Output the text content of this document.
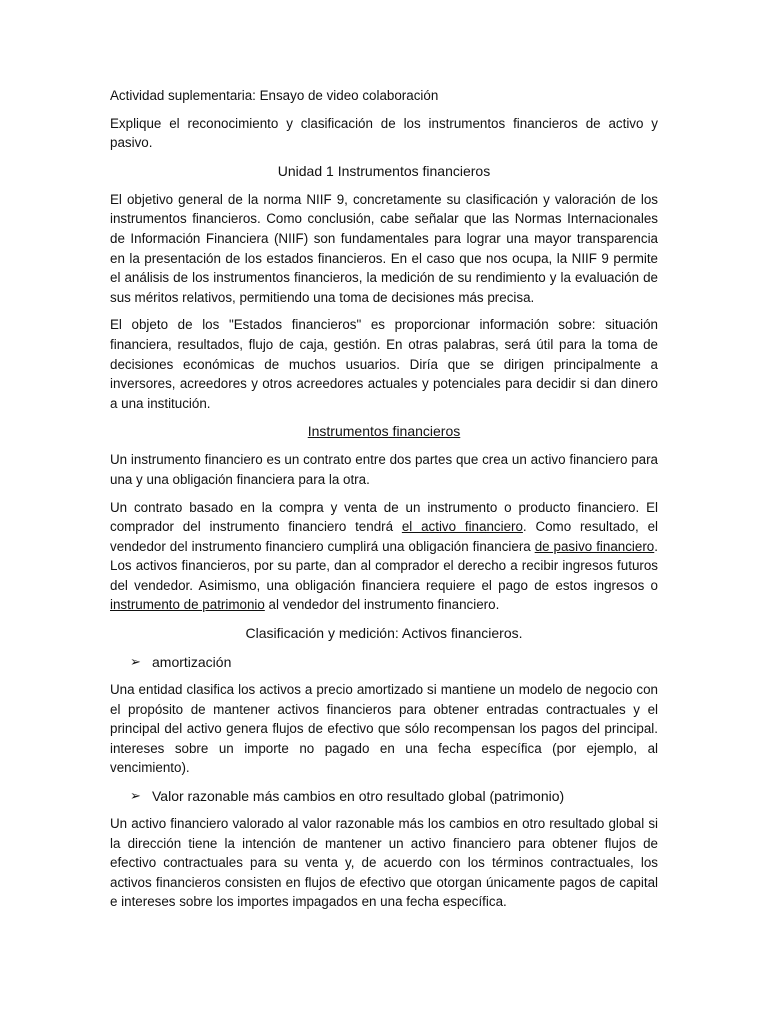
Actividad suplementaria: Ensayo de video colaboración

Explique el reconocimiento y clasificación de los instrumentos financieros de activo y pasivo.

Unidad 1 Instrumentos financieros

El objetivo general de la norma NIIF 9, concretamente su clasificación y valoración de los instrumentos financieros. Como conclusión, cabe señalar que las Normas Internacionales de Información Financiera (NIIF) son fundamentales para lograr una mayor transparencia en la presentación de los estados financieros. En el caso que nos ocupa, la NIIF 9 permite el análisis de los instrumentos financieros, la medición de su rendimiento y la evaluación de sus méritos relativos, permitiendo una toma de decisiones más precisa.

El objeto de los "Estados financieros" es proporcionar información sobre: situación financiera, resultados, flujo de caja, gestión. En otras palabras, será útil para la toma de decisiones económicas de muchos usuarios. Diría que se dirigen principalmente a inversores, acreedores y otros acreedores actuales y potenciales para decidir si dan dinero a una institución.

Instrumentos financieros

Un instrumento financiero es un contrato entre dos partes que crea un activo financiero para una y una obligación financiera para la otra.

Un contrato basado en la compra y venta de un instrumento o producto financiero. El comprador del instrumento financiero tendrá el activo financiero. Como resultado, el vendedor del instrumento financiero cumplirá una obligación financiera de pasivo financiero. Los activos financieros, por su parte, dan al comprador el derecho a recibir ingresos futuros del vendedor. Asimismo, una obligación financiera requiere el pago de estos ingresos o instrumento de patrimonio al vendedor del instrumento financiero.

Clasificación y medición: Activos financieros.
➢ amortización

Una entidad clasifica los activos a precio amortizado si mantiene un modelo de negocio con el propósito de mantener activos financieros para obtener entradas contractuales y el principal del activo genera flujos de efectivo que sólo recompensan los pagos del principal. intereses sobre un importe no pagado en una fecha específica (por ejemplo, al vencimiento).

➢ Valor razonable más cambios en otro resultado global (patrimonio)

Un activo financiero valorado al valor razonable más los cambios en otro resultado global si la dirección tiene la intención de mantener un activo financiero para obtener flujos de efectivo contractuales para su venta y, de acuerdo con los términos contractuales, los activos financieros consisten en flujos de efectivo que otorgan únicamente pagos de capital e intereses sobre los importes impagados en una fecha específica.
